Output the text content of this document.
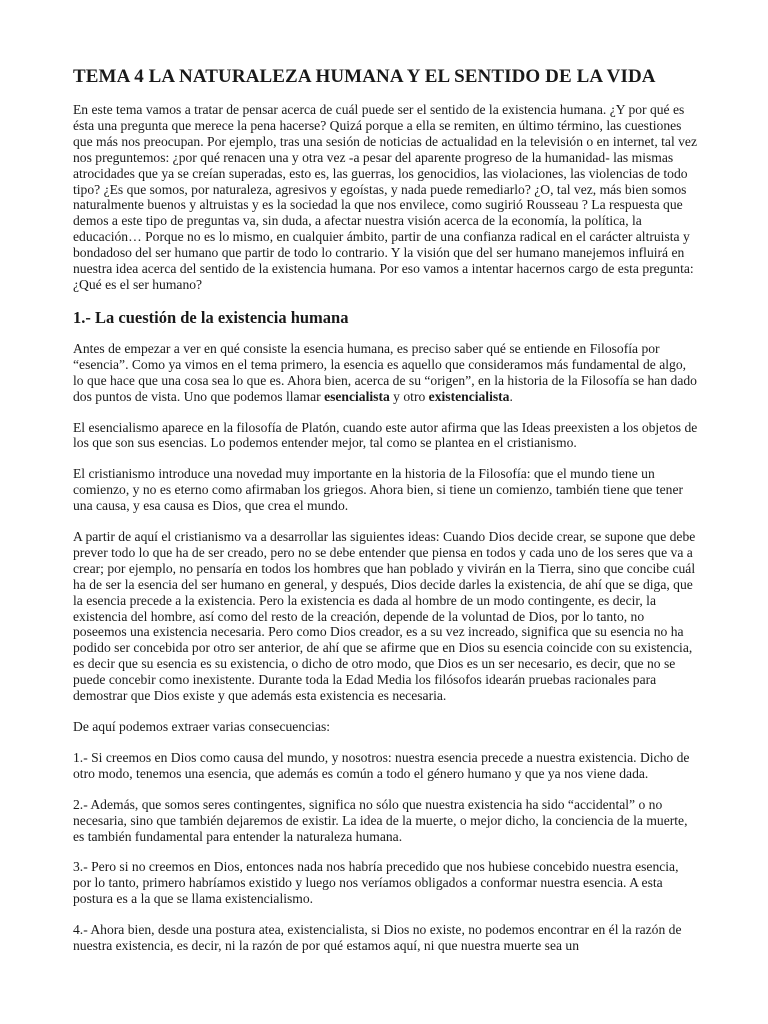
TEMA 4 LA NATURALEZA HUMANA Y EL SENTIDO DE LA VIDA

En este tema vamos a tratar de pensar acerca de cuál puede ser el sentido de la existencia humana. ¿Y por qué es ésta una pregunta que merece la pena hacerse? Quizá porque a ella se remiten, en último término, las cuestiones que más nos preocupan. Por ejemplo, tras una sesión de noticias de actualidad en la televisión o en internet, tal vez nos preguntemos: ¿por qué renacen una y otra vez -a pesar del aparente progreso de la humanidad- las mismas atrocidades que ya se creían superadas, esto es, las guerras, los genocidios, las violaciones, las violencias de todo tipo? ¿Es que somos, por naturaleza, agresivos y egoístas, y nada puede remediarlo? ¿O, tal vez, más bien somos naturalmente buenos y altruistas y es la sociedad la que nos envilece, como sugirió Rousseau ? La respuesta que demos a este tipo de preguntas va, sin duda, a afectar nuestra visión acerca de la economía, la política, la educación… Porque no es lo mismo, en cualquier ámbito, partir de una confianza radical en el carácter altruista y bondadoso del ser humano que partir de todo lo contrario. Y la visión que del ser humano manejemos influirá en nuestra idea acerca del sentido de la existencia humana. Por eso vamos a intentar hacernos cargo de esta pregunta: ¿Qué es el ser humano?

1.- La cuestión de la existencia humana

Antes de empezar a ver en qué consiste la esencia humana, es preciso saber qué se entiende en Filosofía por “esencia”. Como ya vimos en el tema primero, la esencia es aquello que consideramos más fundamental de algo, lo que hace que una cosa sea lo que es. Ahora bien, acerca de su “origen”, en la historia de la Filosofía se han dado dos puntos de vista. Uno que podemos llamar esencialista y otro existencialista.

El esencialismo aparece en la filosofía de Platón, cuando este autor afirma que las Ideas preexisten a los objetos de los que son sus esencias. Lo podemos entender mejor, tal como se plantea en el cristianismo.

El cristianismo introduce una novedad muy importante en la historia de la Filosofía: que el mundo tiene un comienzo, y no es eterno como afirmaban los griegos. Ahora bien, si tiene un comienzo, también tiene que tener una causa, y esa causa es Dios, que crea el mundo.

A partir de aquí el cristianismo va a desarrollar las siguientes ideas: Cuando Dios decide crear, se supone que debe prever todo lo que ha de ser creado, pero no se debe entender que piensa en todos y cada uno de los seres que va a crear; por ejemplo, no pensaría en todos los hombres que han poblado y vivirán en la Tierra, sino que concibe cuál ha de ser la esencia del ser humano en general, y después, Dios decide darles la existencia, de ahí que se diga, que la esencia precede a la existencia. Pero la existencia es dada al hombre de un modo contingente, es decir, la existencia del hombre, así como del resto de la creación, depende de la voluntad de Dios, por lo tanto, no poseemos una existencia necesaria. Pero como Dios creador, es a su vez increado, significa que su esencia no ha podido ser concebida por otro ser anterior, de ahí que se afirme que en Dios su esencia coincide con su existencia, es decir que su esencia es su existencia, o dicho de otro modo, que Dios es un ser necesario, es decir, que no se puede concebir como inexistente. Durante toda la Edad Media los filósofos idearán pruebas racionales para demostrar que Dios existe y que además esta existencia es necesaria.

De aquí podemos extraer varias consecuencias:

1.- Si creemos en Dios como causa del mundo, y nosotros: nuestra esencia precede a nuestra existencia. Dicho de otro modo, tenemos una esencia, que además es común a todo el género humano y que ya nos viene dada.

2.- Además, que somos seres contingentes, significa no sólo que nuestra existencia ha sido “accidental” o no necesaria, sino que también dejaremos de existir. La idea de la muerte, o mejor dicho, la conciencia de la muerte, es también fundamental para entender la naturaleza humana.

3.- Pero si no creemos en Dios, entonces nada nos habría precedido que nos hubiese concebido nuestra esencia, por lo tanto, primero habríamos existido y luego nos veríamos obligados a conformar nuestra esencia. A esta postura es a la que se llama existencialismo.

4.- Ahora bien, desde una postura atea, existencialista, si Dios no existe, no podemos encontrar en él la razón de nuestra existencia, es decir, ni la razón de por qué estamos aquí, ni que nuestra muerte sea un
